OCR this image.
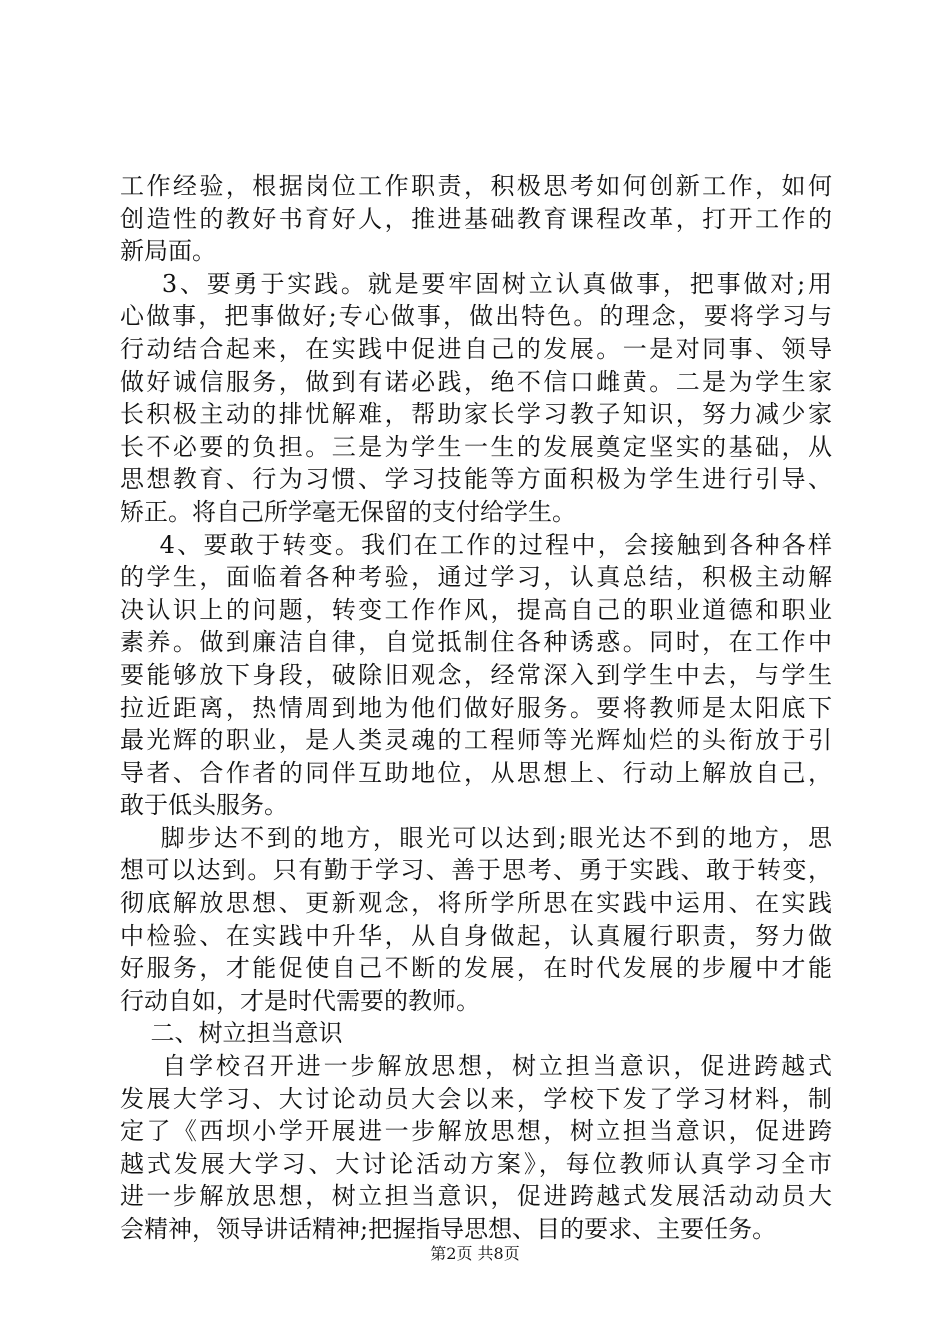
工作经验，根据岗位工作职责，积极思考如何创新工作，如何
创造性的教好书育好人，推进基础教育课程改革，打开工作的
新局面。
3、要勇于实践。就是要牢固树立认真做事，把事做对;用
心做事，把事做好;专心做事，做出特色。的理念，要将学习与
行动结合起来，在实践中促进自己的发展。一是对同事、领导
做好诚信服务，做到有诺必践，绝不信口雌黄。二是为学生家
长积极主动的排忧解难，帮助家长学习教子知识，努力减少家
长不必要的负担。三是为学生一生的发展奠定坚实的基础，从
思想教育、行为习惯、学习技能等方面积极为学生进行引导、
矫正。将自己所学毫无保留的支付给学生。
4、要敢于转变。我们在工作的过程中，会接触到各种各样
的学生，面临着各种考验，通过学习，认真总结，积极主动解
决认识上的问题，转变工作作风，提高自己的职业道德和职业
素养。做到廉洁自律，自觉抵制住各种诱惑。同时，在工作中
要能够放下身段，破除旧观念，经常深入到学生中去，与学生
拉近距离，热情周到地为他们做好服务。要将教师是太阳底下
最光辉的职业，是人类灵魂的工程师等光辉灿烂的头衔放于引
导者、合作者的同伴互助地位，从思想上、行动上解放自己，
敢于低头服务。
脚步达不到的地方，眼光可以达到;眼光达不到的地方，思
想可以达到。只有勤于学习、善于思考、勇于实践、敢于转变，
彻底解放思想、更新观念，将所学所思在实践中运用、在实践
中检验、在实践中升华，从自身做起，认真履行职责，努力做
好服务，才能促使自己不断的发展，在时代发展的步履中才能
行动自如，才是时代需要的教师。
二、树立担当意识
自学校召开进一步解放思想，树立担当意识，促进跨越式
发展大学习、大讨论动员大会以来，学校下发了学习材料，制
定了《西坝小学开展进一步解放思想，树立担当意识，促进跨
越式发展大学习、大讨论活动方案》，每位教师认真学习全市
进一步解放思想，树立担当意识，促进跨越式发展活动动员大
会精神，领导讲话精神;把握指导思想、目的要求、主要任务。
第2页 共8页
